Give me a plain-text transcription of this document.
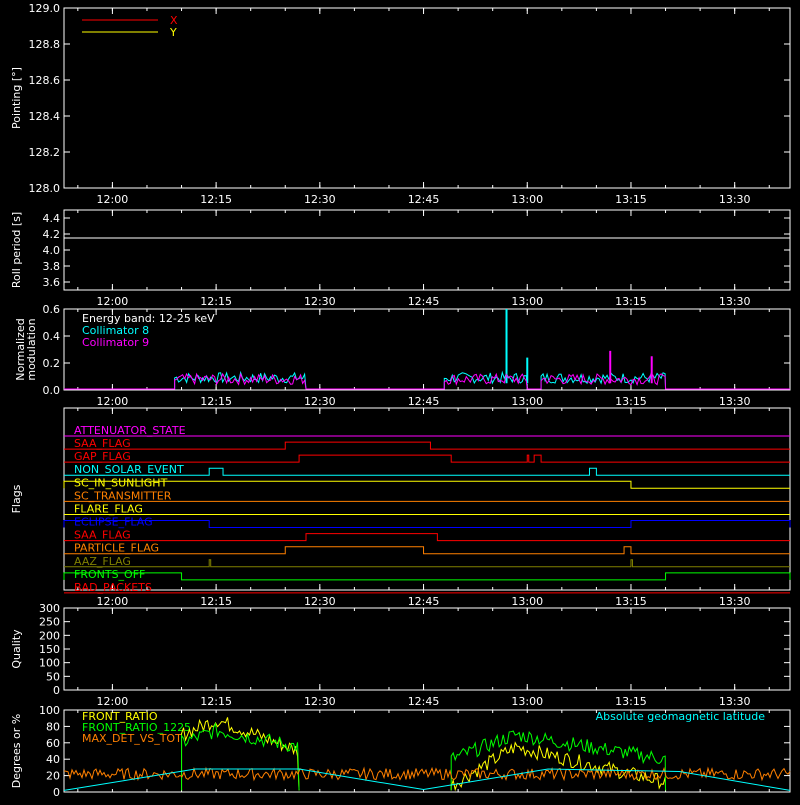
12:00	12:15	12:30	12:45	13:00	13:15	13:30
128.0
128.2
128.4
128.6
128.8
129.0
Pointing [°]
X
Y
12:00	12:15	12:30	12:45	13:00	13:15	13:30
3.6
3.8
4.0
4.2
4.4
Roll period [s]
12:00	12:15	12:30	12:45	13:00	13:15	13:30
0.0
0.2
0.4
0.6
Normalized
modulation	Energy band: 12-25 keV
Collimator 8
Collimator 9
12:00	12:15	12:30	12:45	13:00	13:15	13:30
Flags
ATTENUATOR_STATE
SAA_FLAG
GAP_FLAG
NON_SOLAR_EVENT
SC_IN_SUNLIGHT
SC_TRANSMITTER
FLARE_FLAG
ECLIPSE_FLAG
SAA_FLAG
PARTICLE_FLAG
AAZ_FLAG
FRONTS_OFF
BAD_PACKETS
12:00	12:15	12:30	12:45	13:00	13:15	13:30
0
50
100
150
200
250
300
Quality
0
20
40
60
80
100
Degrees or %	Absolute geomagnetic latitude
FRONT_RATIO
FRONT_RATIO_1225
MAX_DET_VS_TOT
